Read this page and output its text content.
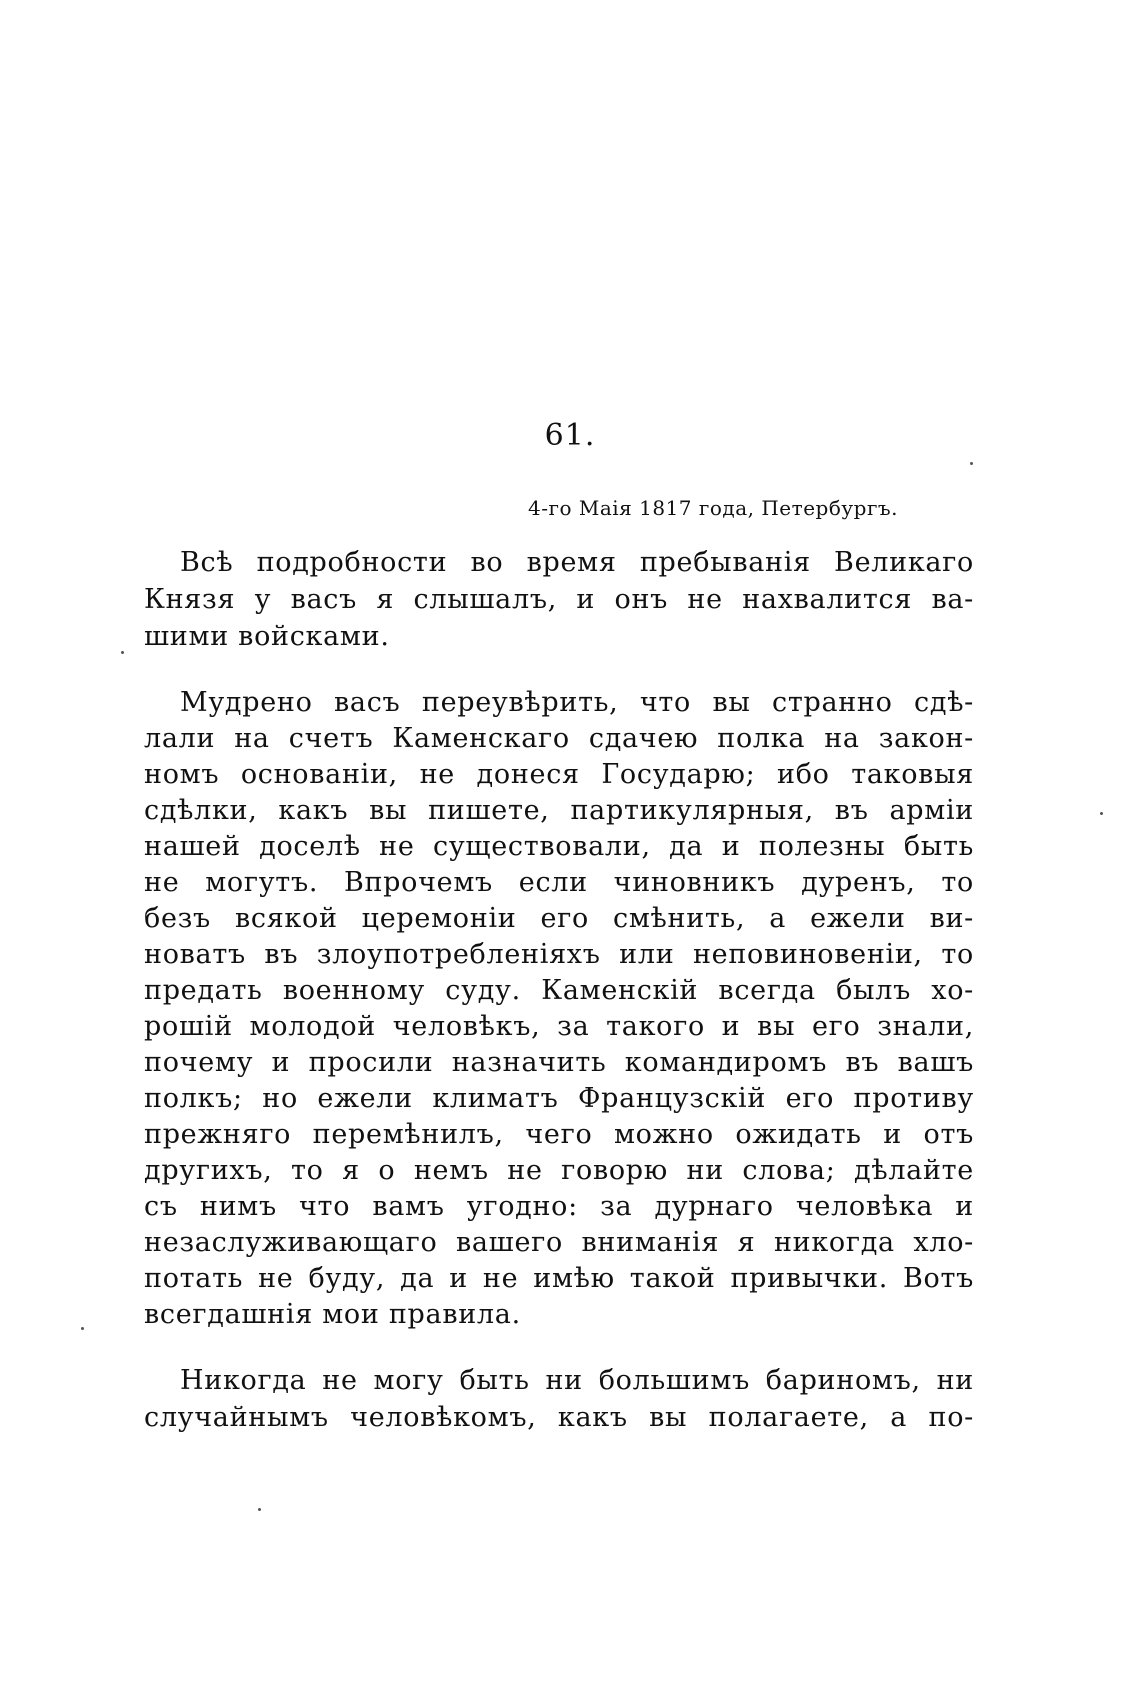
61.
4-го Маія 1817 года, Петербургъ.
Всѣ подробности во время пребыванія Великаго
Князя у васъ я слышалъ, и онъ не нахвалится ва-
шими войсками.
Мудрено васъ переувѣрить, что вы странно сдѣ-
лали на счетъ Каменскаго сдачею полка на закон-
номъ основаніи, не донеся Государю; ибо таковыя
сдѣлки, какъ вы пишете, партикулярныя, въ арміи
нашей доселѣ не существовали, да и полезны быть
не могутъ. Впрочемъ если чиновникъ дуренъ, то
безъ всякой церемоніи его смѣнить, а ежели ви-
новатъ въ злоупотребленіяхъ или неповиновеніи, то
предать военному суду. Каменскій всегда былъ хо-
рошій молодой человѣкъ, за такого и вы его знали,
почему и просили назначить командиромъ въ вашъ
полкъ; но ежели климатъ Французскій его противу
прежняго перемѣнилъ, чего можно ожидать и отъ
другихъ, то я о немъ не говорю ни слова; дѣлайте
съ нимъ что вамъ угодно: за дурнаго человѣка и
незаслуживающаго вашего вниманія я никогда хло-
потать не буду, да и не имѣю такой привычки. Вотъ
всегдашнія мои правила.
Никогда не могу быть ни большимъ бариномъ, ни
случайнымъ человѣкомъ, какъ вы полагаете, а по-
